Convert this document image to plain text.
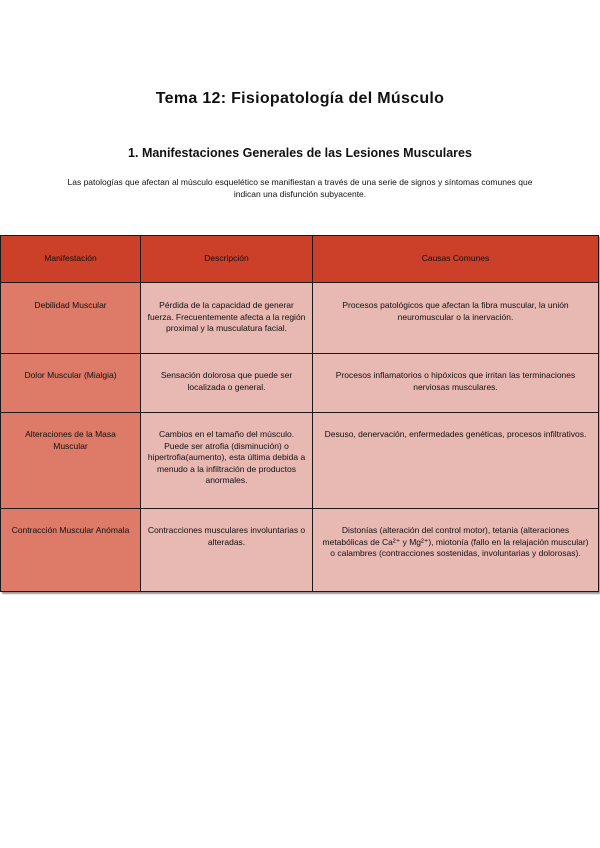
Tema 12: Fisiopatología del Músculo
1. Manifestaciones Generales de las Lesiones Musculares

Las patologías que afectan al músculo esquelético se manifiestan a través de una serie de signos y síntomas comunes que indican una disfunción subyacente.

Manifestación	Descripción	Causas Comunes
Debilidad Muscular	Pérdida de la capacidad de generar fuerza. Frecuentemente afecta a la región proximal y la musculatura facial.	Procesos patológicos que afectan la fibra muscular, la unión neuromuscular o la inervación.
Dolor Muscular (Mialgia)	Sensación dolorosa que puede ser localizada o general.	Procesos inflamatorios o hipóxicos que irritan las terminaciones nerviosas musculares.
Alteraciones de la Masa Muscular	Cambios en el tamaño del músculo. Puede ser atrofia (disminución) o hipertrofia(aumento), esta última debida a menudo a la infiltración de productos anormales.	Desuso, denervación, enfermedades genéticas, procesos infiltrativos.
Contracción Muscular Anómala	Contracciones musculares involuntarias o alteradas.	Distonías (alteración del control motor), tetania (alteraciones metabólicas de Ca²⁺ y Mg²⁺), miotonía (fallo en la relajación muscular) o calambres (contracciones sostenidas, involuntarias y dolorosas).
